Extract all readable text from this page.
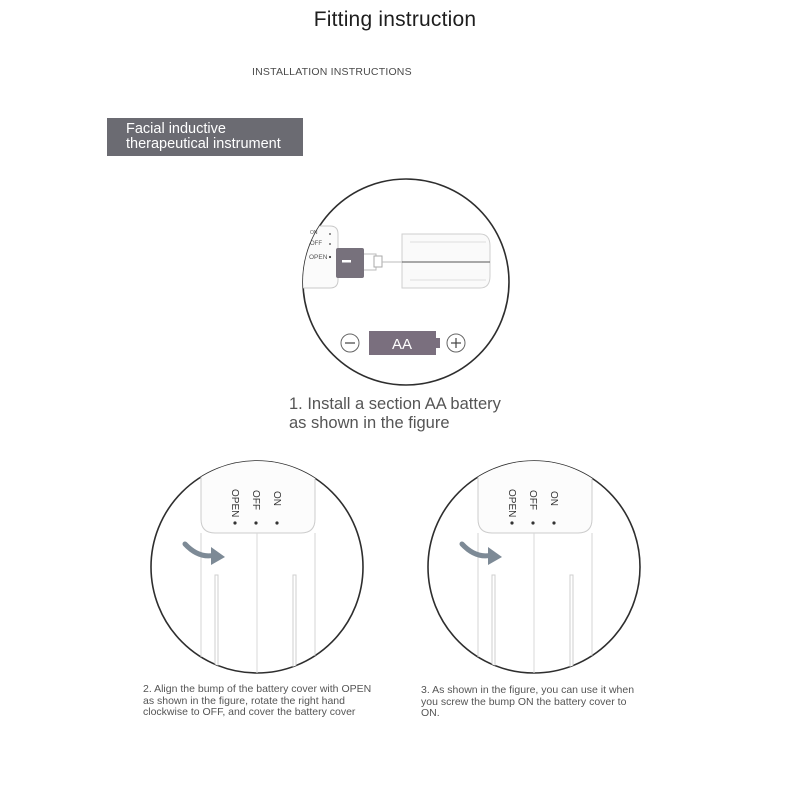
Fitting instruction
INSTALLATION INSTRUCTIONS
Facial inductive
therapeutical instrument
ON
OFF
OPEN
AA
1. Install a section AA battery
as shown in the figure
OPEN OFF ON	OPEN OFF ON
2. Align the bump of the battery cover with OPEN
as shown in the figure, rotate the right hand
clockwise to OFF, and cover the battery cover
3. As shown in the figure, you can use it when
you screw the bump ON the battery cover to
ON.
